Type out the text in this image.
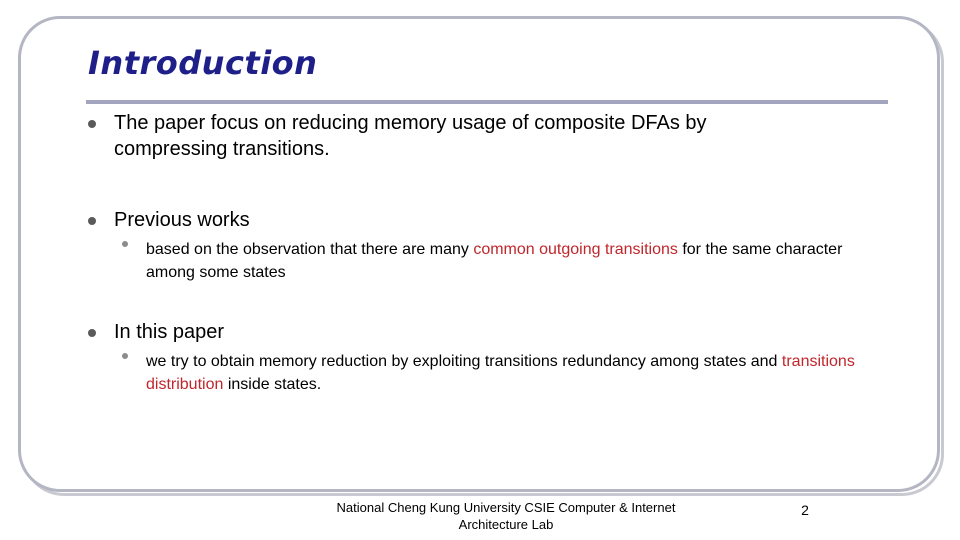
Introduction
The paper focus on reducing memory usage of composite DFAs by
compressing transitions.
Previous works
based on the observation that there are many common outgoing transitions for the same character among some states
In this paper
we try to obtain memory reduction by exploiting transitions redundancy among states and transitions distribution inside states.
National Cheng Kung University CSIE Computer & Internet
Architecture Lab
2
